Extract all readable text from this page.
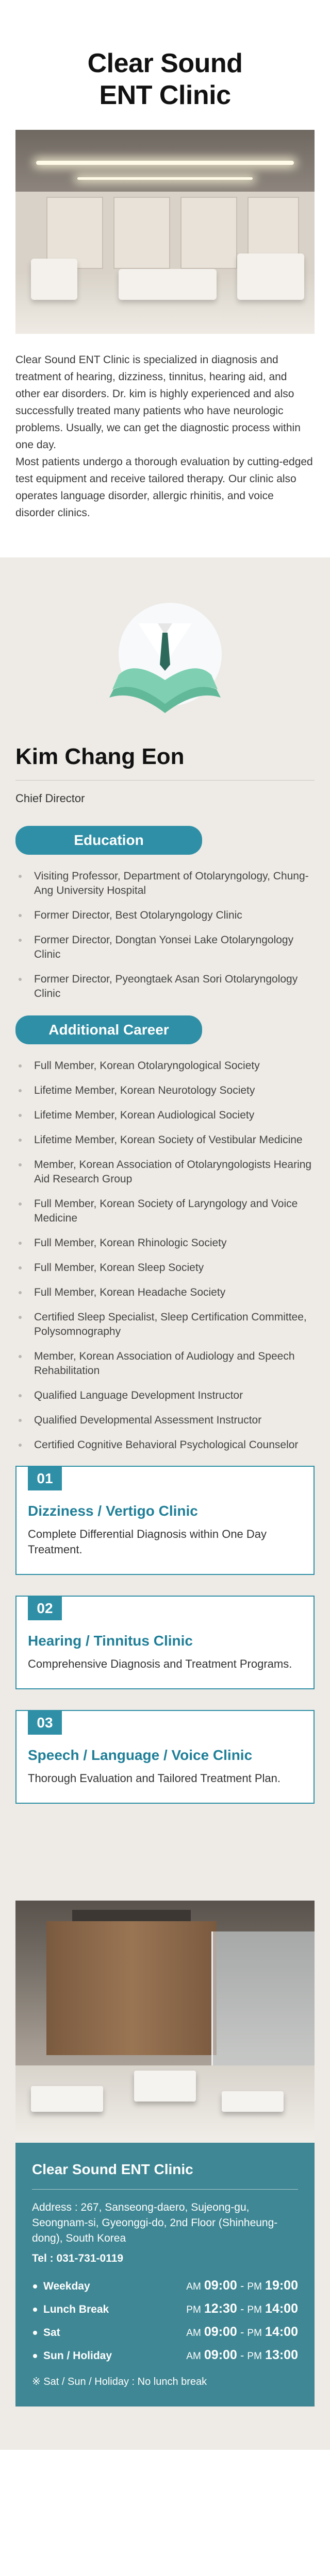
Clear Sound
ENT Clinic

Clear Sound ENT Clinic is specialized in diagnosis and treatment of hearing, dizziness, tinnitus, hearing aid, and other ear disorders. Dr. kim is highly experienced and also successfully treated many patients who have neurologic problems. Usually, we can get the diagnostic process within one day.

Most patients undergo a thorough evaluation by cutting-edged test equipment and receive tailored therapy. Our clinic also operates language disorder, allergic rhinitis, and voice disorder clinics.

Kim Chang Eon
Chief Director
Education
Visiting Professor, Department of Otolaryngology, Chung-Ang University Hospital
Former Director, Best Otolaryngology Clinic
Former Director, Dongtan Yonsei Lake Otolaryngology Clinic
Former Director, Pyeongtaek Asan Sori Otolaryngology Clinic
Additional Career
Full Member, Korean Otolaryngological Society
Lifetime Member, Korean Neurotology Society
Lifetime Member, Korean Audiological Society
Lifetime Member, Korean Society of Vestibular Medicine
Member, Korean Association of Otolaryngologists Hearing Aid Research Group
Full Member, Korean Society of Laryngology and Voice Medicine
Full Member, Korean Rhinologic Society
Full Member, Korean Sleep Society
Full Member, Korean Headache Society
Certified Sleep Specialist, Sleep Certification Committee, Polysomnography
Member, Korean Association of Audiology and Speech Rehabilitation
Qualified Language Development Instructor
Qualified Developmental Assessment Instructor
Certified Cognitive Behavioral Psychological Counselor
01
Dizziness / Vertigo Clinic
Complete Differential Diagnosis within One Day Treatment.
02
Hearing / Tinnitus Clinic
Comprehensive Diagnosis and Treatment Programs.
03
Speech / Language / Voice Clinic
Thorough Evaluation and Tailored Treatment Plan.
Clear Sound ENT Clinic
Address : 267, Sanseong-daero, Sujeong-gu, Seongnam-si, Gyeonggi-do, 2nd Floor (Shinheung-dong), South Korea
Tel : 031-731-0119
Weekday	AM 09:00 - PM 19:00
Lunch Break	PM 12:30 - PM 14:00
Sat	AM 09:00 - PM 14:00
Sun / Holiday	AM 09:00 - PM 13:00
※ Sat / Sun / Holiday : No lunch break
